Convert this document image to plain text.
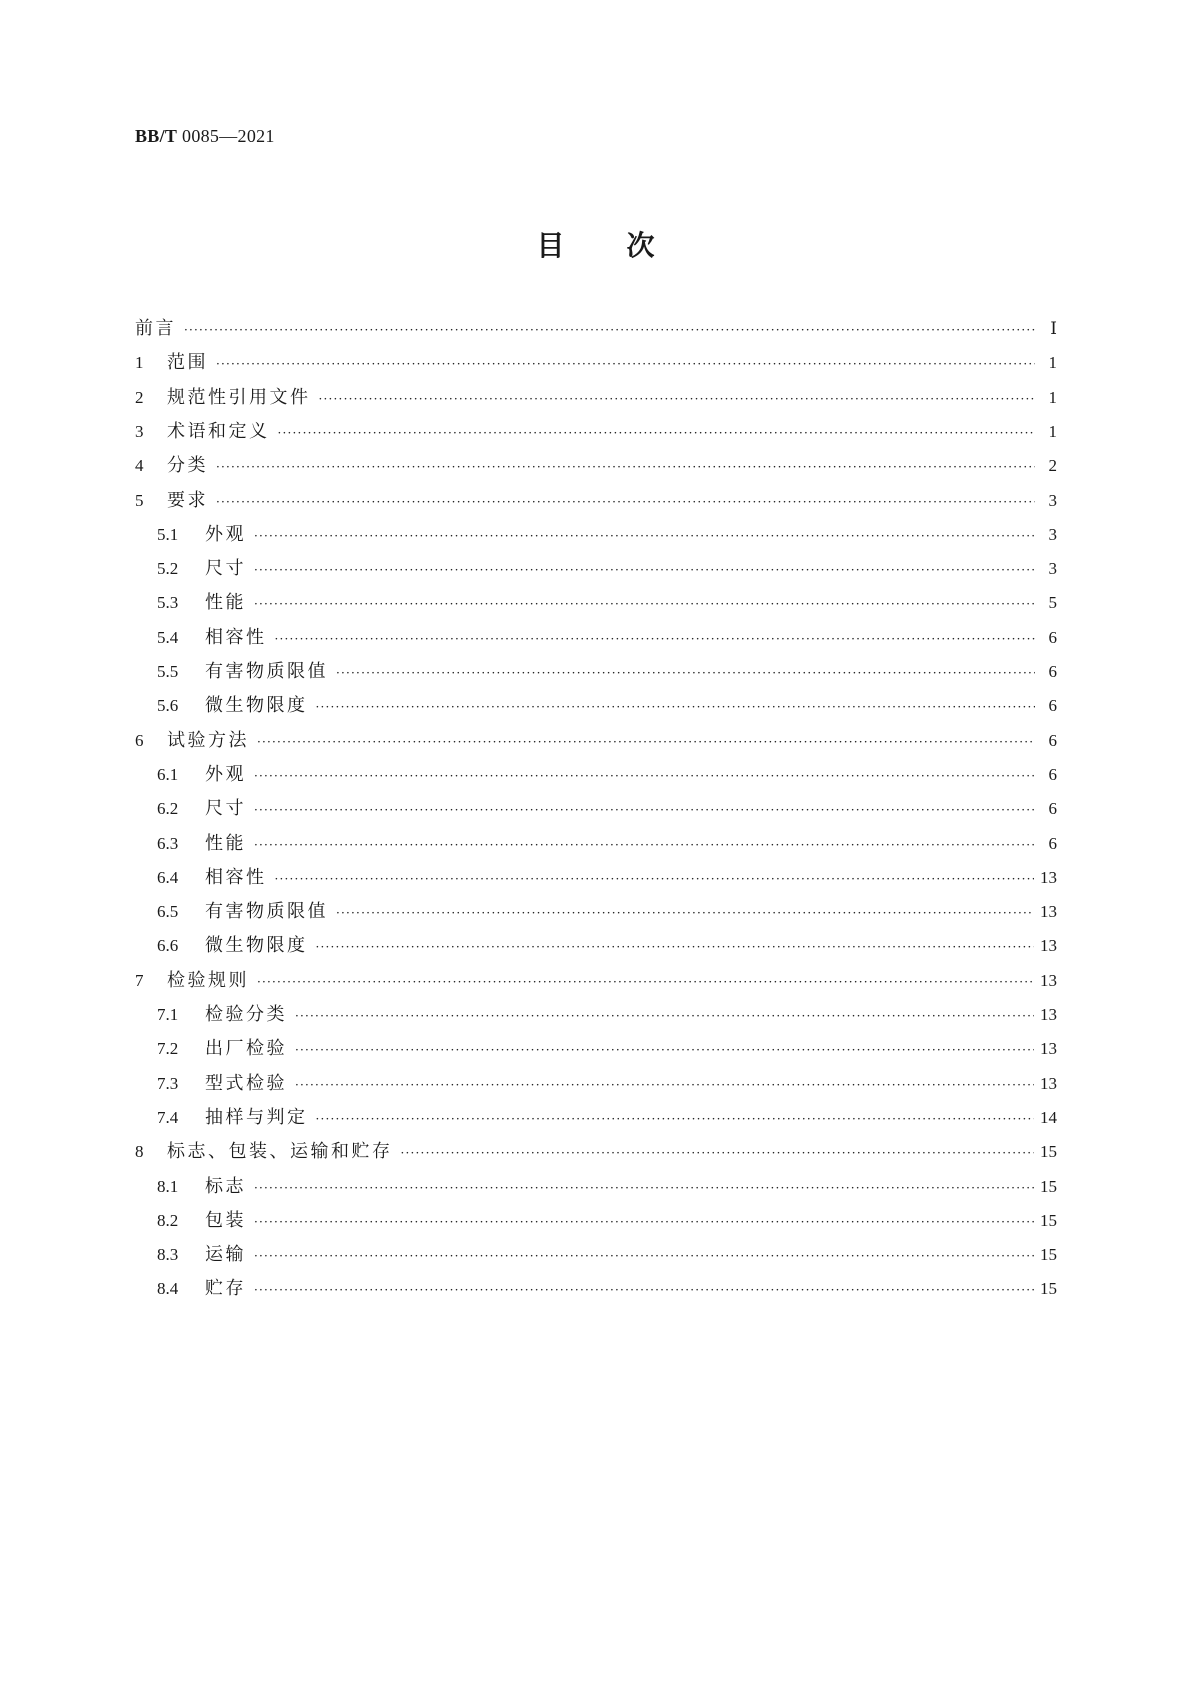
BB/T 0085—2021
目次
前言 ·····	Ⅰ
1	范围 ·····	1
2	规范性引用文件 ·····	1
3	术语和定义 ·····	1
4	分类 ·····	2
5	要求 ·····	3
5.1	外观 ·····	3
5.2	尺寸 ·····	3
5.3	性能 ·····	5
5.4	相容性 ·····	6
5.5	有害物质限值 ·····	6
5.6	微生物限度 ·····	6
6	试验方法 ·····	6
6.1	外观 ·····	6
6.2	尺寸 ·····	6
6.3	性能 ·····	6
6.4	相容性 ·····	13
6.5	有害物质限值 ·····	13
6.6	微生物限度 ·····	13
7	检验规则 ·····	13
7.1	检验分类 ·····	13
7.2	出厂检验 ·····	13
7.3	型式检验 ·····	13
7.4	抽样与判定 ·····	14
8	标志、包装、运输和贮存 ·····	15
8.1	标志 ·····	15
8.2	包装 ·····	15
8.3	运输 ·····	15
8.4	贮存 ·····	15
